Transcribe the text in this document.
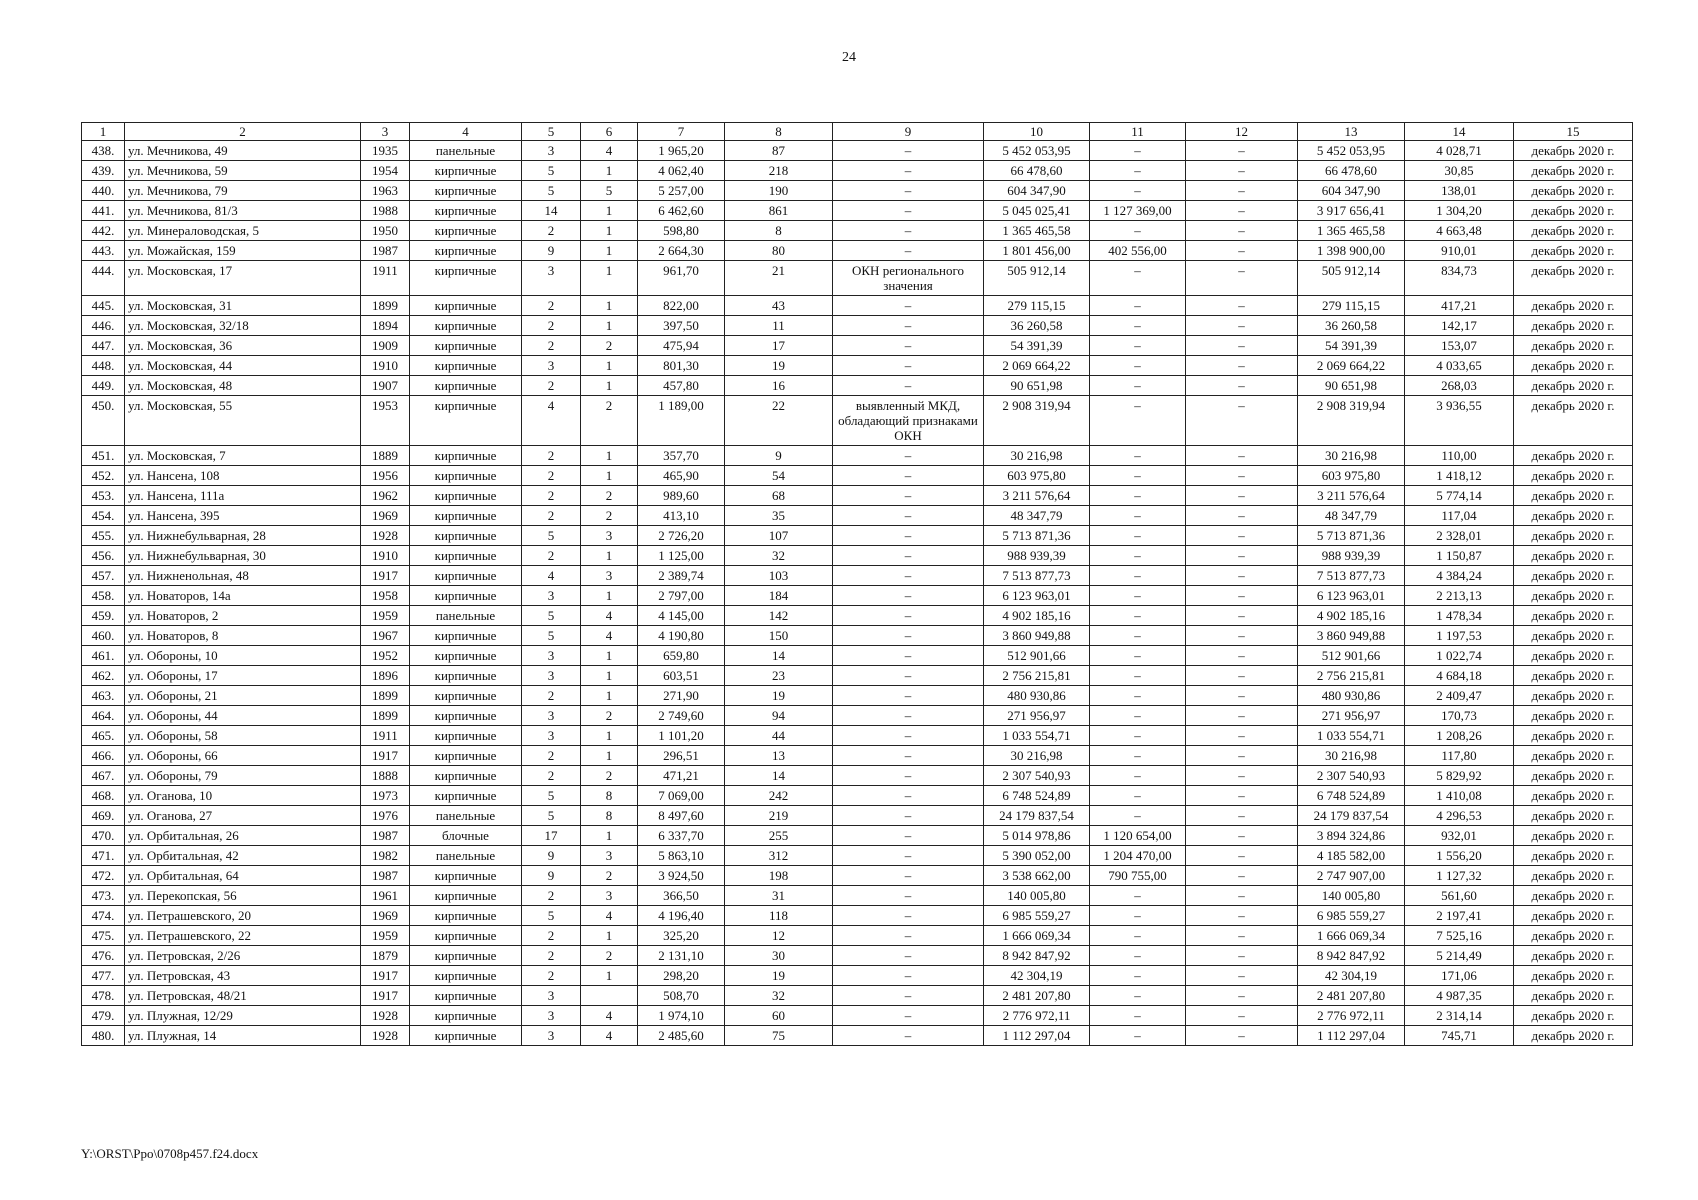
24
1	2	3	4	5	6	7	8	9	10	11	12	13	14	15
438.	ул. Мечникова, 49	1935	панельные	3	4	1 965,20	87	–	5 452 053,95	–	–	5 452 053,95	4 028,71	декабрь 2020 г.
439.	ул. Мечникова, 59	1954	кирпичные	5	1	4 062,40	218	–	66 478,60	–	–	66 478,60	30,85	декабрь 2020 г.
440.	ул. Мечникова, 79	1963	кирпичные	5	5	5 257,00	190	–	604 347,90	–	–	604 347,90	138,01	декабрь 2020 г.
441.	ул. Мечникова, 81/3	1988	кирпичные	14	1	6 462,60	861	–	5 045 025,41	1 127 369,00	–	3 917 656,41	1 304,20	декабрь 2020 г.
442.	ул. Минераловодская, 5	1950	кирпичные	2	1	598,80	8	–	1 365 465,58	–	–	1 365 465,58	4 663,48	декабрь 2020 г.
443.	ул. Можайская, 159	1987	кирпичные	9	1	2 664,30	80	–	1 801 456,00	402 556,00	–	1 398 900,00	910,01	декабрь 2020 г.
444.	ул. Московская, 17	1911	кирпичные	3	1	961,70	21	ОКН регионального значения	505 912,14	–	–	505 912,14	834,73	декабрь 2020 г.
445.	ул. Московская, 31	1899	кирпичные	2	1	822,00	43	–	279 115,15	–	–	279 115,15	417,21	декабрь 2020 г.
446.	ул. Московская, 32/18	1894	кирпичные	2	1	397,50	11	–	36 260,58	–	–	36 260,58	142,17	декабрь 2020 г.
447.	ул. Московская, 36	1909	кирпичные	2	2	475,94	17	–	54 391,39	–	–	54 391,39	153,07	декабрь 2020 г.
448.	ул. Московская, 44	1910	кирпичные	3	1	801,30	19	–	2 069 664,22	–	–	2 069 664,22	4 033,65	декабрь 2020 г.
449.	ул. Московская, 48	1907	кирпичные	2	1	457,80	16	–	90 651,98	–	–	90 651,98	268,03	декабрь 2020 г.
450.	ул. Московская, 55	1953	кирпичные	4	2	1 189,00	22	выявленный МКД, обладающий признаками ОКН	2 908 319,94	–	–	2 908 319,94	3 936,55	декабрь 2020 г.
451.	ул. Московская, 7	1889	кирпичные	2	1	357,70	9	–	30 216,98	–	–	30 216,98	110,00	декабрь 2020 г.
452.	ул. Нансена, 108	1956	кирпичные	2	1	465,90	54	–	603 975,80	–	–	603 975,80	1 418,12	декабрь 2020 г.
453.	ул. Нансена, 111а	1962	кирпичные	2	2	989,60	68	–	3 211 576,64	–	–	3 211 576,64	5 774,14	декабрь 2020 г.
454.	ул. Нансена, 395	1969	кирпичные	2	2	413,10	35	–	48 347,79	–	–	48 347,79	117,04	декабрь 2020 г.
455.	ул. Нижнебульварная, 28	1928	кирпичные	5	3	2 726,20	107	–	5 713 871,36	–	–	5 713 871,36	2 328,01	декабрь 2020 г.
456.	ул. Нижнебульварная, 30	1910	кирпичные	2	1	1 125,00	32	–	988 939,39	–	–	988 939,39	1 150,87	декабрь 2020 г.
457.	ул. Нижненольная, 48	1917	кирпичные	4	3	2 389,74	103	–	7 513 877,73	–	–	7 513 877,73	4 384,24	декабрь 2020 г.
458.	ул. Новаторов, 14а	1958	кирпичные	3	1	2 797,00	184	–	6 123 963,01	–	–	6 123 963,01	2 213,13	декабрь 2020 г.
459.	ул. Новаторов, 2	1959	панельные	5	4	4 145,00	142	–	4 902 185,16	–	–	4 902 185,16	1 478,34	декабрь 2020 г.
460.	ул. Новаторов, 8	1967	кирпичные	5	4	4 190,80	150	–	3 860 949,88	–	–	3 860 949,88	1 197,53	декабрь 2020 г.
461.	ул. Обороны, 10	1952	кирпичные	3	1	659,80	14	–	512 901,66	–	–	512 901,66	1 022,74	декабрь 2020 г.
462.	ул. Обороны, 17	1896	кирпичные	3	1	603,51	23	–	2 756 215,81	–	–	2 756 215,81	4 684,18	декабрь 2020 г.
463.	ул. Обороны, 21	1899	кирпичные	2	1	271,90	19	–	480 930,86	–	–	480 930,86	2 409,47	декабрь 2020 г.
464.	ул. Обороны, 44	1899	кирпичные	3	2	2 749,60	94	–	271 956,97	–	–	271 956,97	170,73	декабрь 2020 г.
465.	ул. Обороны, 58	1911	кирпичные	3	1	1 101,20	44	–	1 033 554,71	–	–	1 033 554,71	1 208,26	декабрь 2020 г.
466.	ул. Обороны, 66	1917	кирпичные	2	1	296,51	13	–	30 216,98	–	–	30 216,98	117,80	декабрь 2020 г.
467.	ул. Обороны, 79	1888	кирпичные	2	2	471,21	14	–	2 307 540,93	–	–	2 307 540,93	5 829,92	декабрь 2020 г.
468.	ул. Оганова, 10	1973	кирпичные	5	8	7 069,00	242	–	6 748 524,89	–	–	6 748 524,89	1 410,08	декабрь 2020 г.
469.	ул. Оганова, 27	1976	панельные	5	8	8 497,60	219	–	24 179 837,54	–	–	24 179 837,54	4 296,53	декабрь 2020 г.
470.	ул. Орбитальная, 26	1987	блочные	17	1	6 337,70	255	–	5 014 978,86	1 120 654,00	–	3 894 324,86	932,01	декабрь 2020 г.
471.	ул. Орбитальная, 42	1982	панельные	9	3	5 863,10	312	–	5 390 052,00	1 204 470,00	–	4 185 582,00	1 556,20	декабрь 2020 г.
472.	ул. Орбитальная, 64	1987	кирпичные	9	2	3 924,50	198	–	3 538 662,00	790 755,00	–	2 747 907,00	1 127,32	декабрь 2020 г.
473.	ул. Перекопская, 56	1961	кирпичные	2	3	366,50	31	–	140 005,80	–	–	140 005,80	561,60	декабрь 2020 г.
474.	ул. Петрашевского, 20	1969	кирпичные	5	4	4 196,40	118	–	6 985 559,27	–	–	6 985 559,27	2 197,41	декабрь 2020 г.
475.	ул. Петрашевского, 22	1959	кирпичные	2	1	325,20	12	–	1 666 069,34	–	–	1 666 069,34	7 525,16	декабрь 2020 г.
476.	ул. Петровская, 2/26	1879	кирпичные	2	2	2 131,10	30	–	8 942 847,92	–	–	8 942 847,92	5 214,49	декабрь 2020 г.
477.	ул. Петровская, 43	1917	кирпичные	2	1	298,20	19	–	42 304,19	–	–	42 304,19	171,06	декабрь 2020 г.
478.	ул. Петровская, 48/21	1917	кирпичные	3		508,70	32	–	2 481 207,80	–	–	2 481 207,80	4 987,35	декабрь 2020 г.
479.	ул. Плужная, 12/29	1928	кирпичные	3	4	1 974,10	60	–	2 776 972,11	–	–	2 776 972,11	2 314,14	декабрь 2020 г.
480.	ул. Плужная, 14	1928	кирпичные	3	4	2 485,60	75	–	1 112 297,04	–	–	1 112 297,04	745,71	декабрь 2020 г.
Y:\ORST\Ppo\0708p457.f24.docx
